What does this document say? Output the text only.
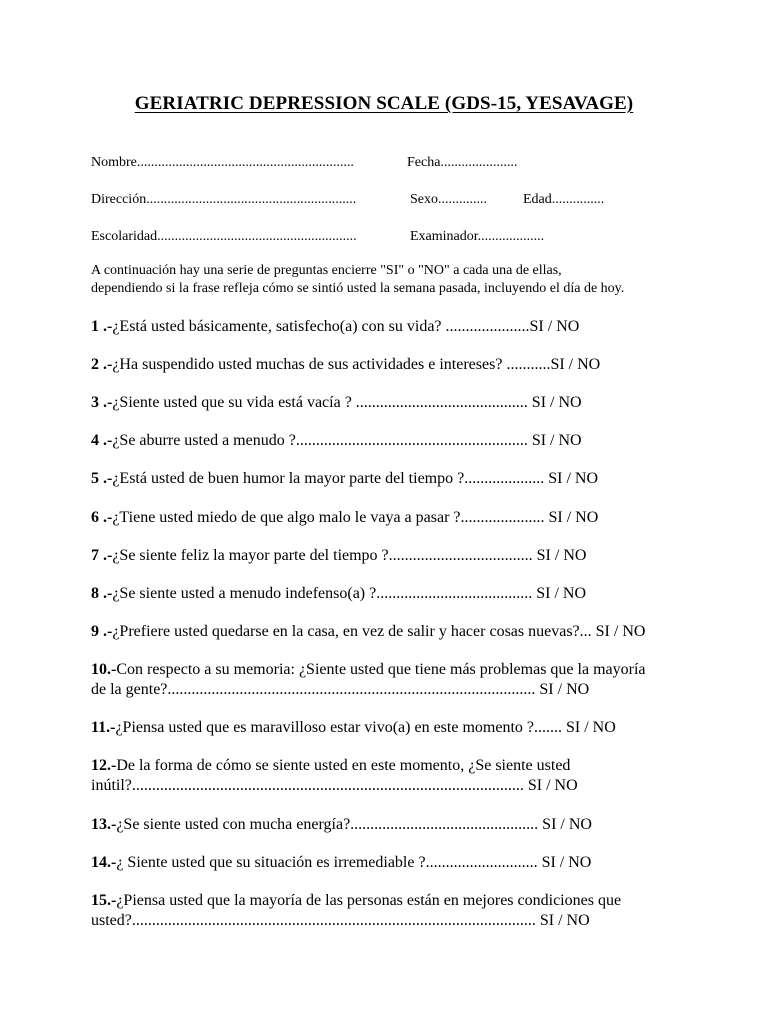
GERIATRIC DEPRESSION SCALE (GDS-15, YESAVAGE)
Nombre..............................................................	Fecha......................
Dirección............................................................	Sexo..............	Edad...............
Escolaridad.........................................................	Examinador...................
A continuación hay una serie de preguntas encierre "SI" o "NO" a cada una de ellas,
dependiendo si la frase refleja cómo se sintió usted la semana pasada, incluyendo el día de hoy.
1 .-¿Está usted básicamente, satisfecho(a) con su vida? .....................SI / NO
2 .-¿Ha suspendido usted muchas de sus actividades e intereses? ...........SI / NO
3 .-¿Siente usted que su vida está vacía ? ........................................... SI / NO
4 .-¿Se aburre usted a menudo ?.......................................................... SI / NO
5 .-¿Está usted de buen humor la mayor parte del tiempo ?.................... SI / NO
6 .-¿Tiene usted miedo de que algo malo le vaya a pasar ?..................... SI / NO
7 .-¿Se siente feliz la mayor parte del tiempo ?.................................... SI / NO
8 .-¿Se siente usted a menudo indefenso(a) ?....................................... SI / NO
9 .-¿Prefiere usted quedarse en la casa, en vez de salir y hacer cosas nuevas?... SI / NO
10.-Con respecto a su memoria: ¿Siente usted que tiene más problemas que la mayoría
de la gente?............................................................................................ SI / NO
11.-¿Piensa usted que es maravilloso estar vivo(a) en este momento ?....... SI / NO
12.-De la forma de cómo se siente usted en este momento, ¿Se siente usted
inútil?.................................................................................................. SI / NO
13.-¿Se siente usted con mucha energía?............................................... SI / NO
14.-¿ Siente usted que su situación es irremediable ?............................ SI / NO
15.-¿Piensa usted que la mayoría de las personas están en mejores condiciones que
usted?..................................................................................................... SI / NO
